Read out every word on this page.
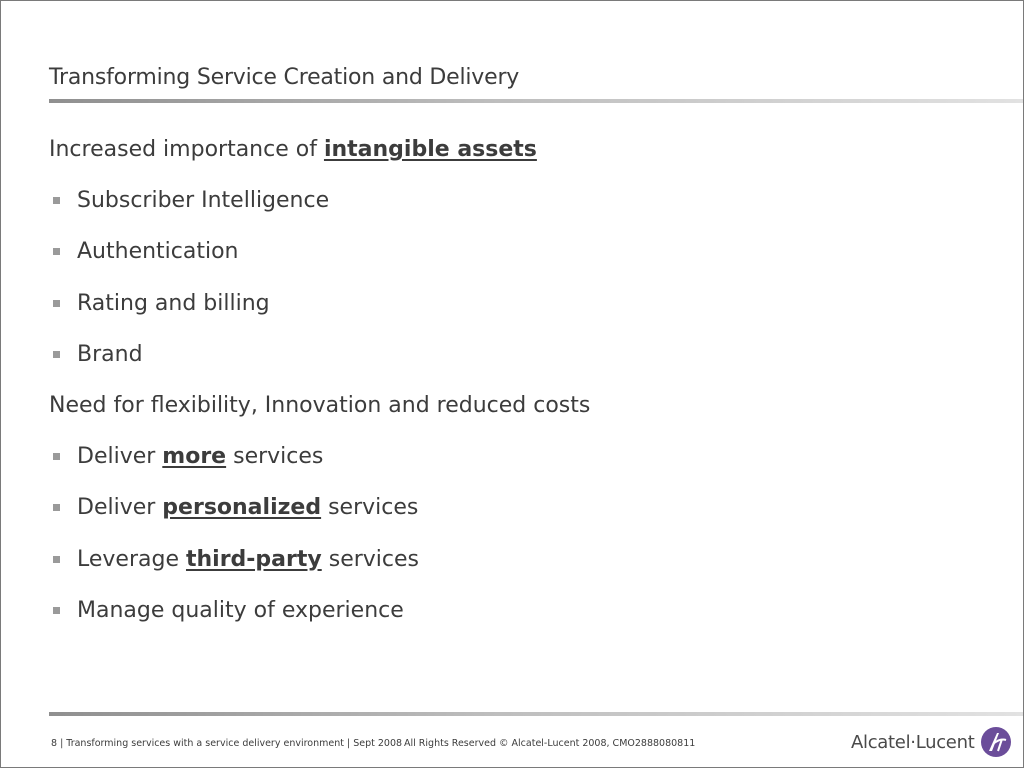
Transforming Service Creation and Delivery
Increased importance of intangible assets
Subscriber Intelligence
Authentication
Rating and billing
Brand
Need for flexibility, Innovation and reduced costs
Deliver more services
Deliver personalized services
Leverage third-party services
Manage quality of experience
8 | Transforming services with a service delivery environment | Sept 2008 All Rights Reserved © Alcatel-Lucent 2008, CMO2888080811	Alcatel·Lucent
